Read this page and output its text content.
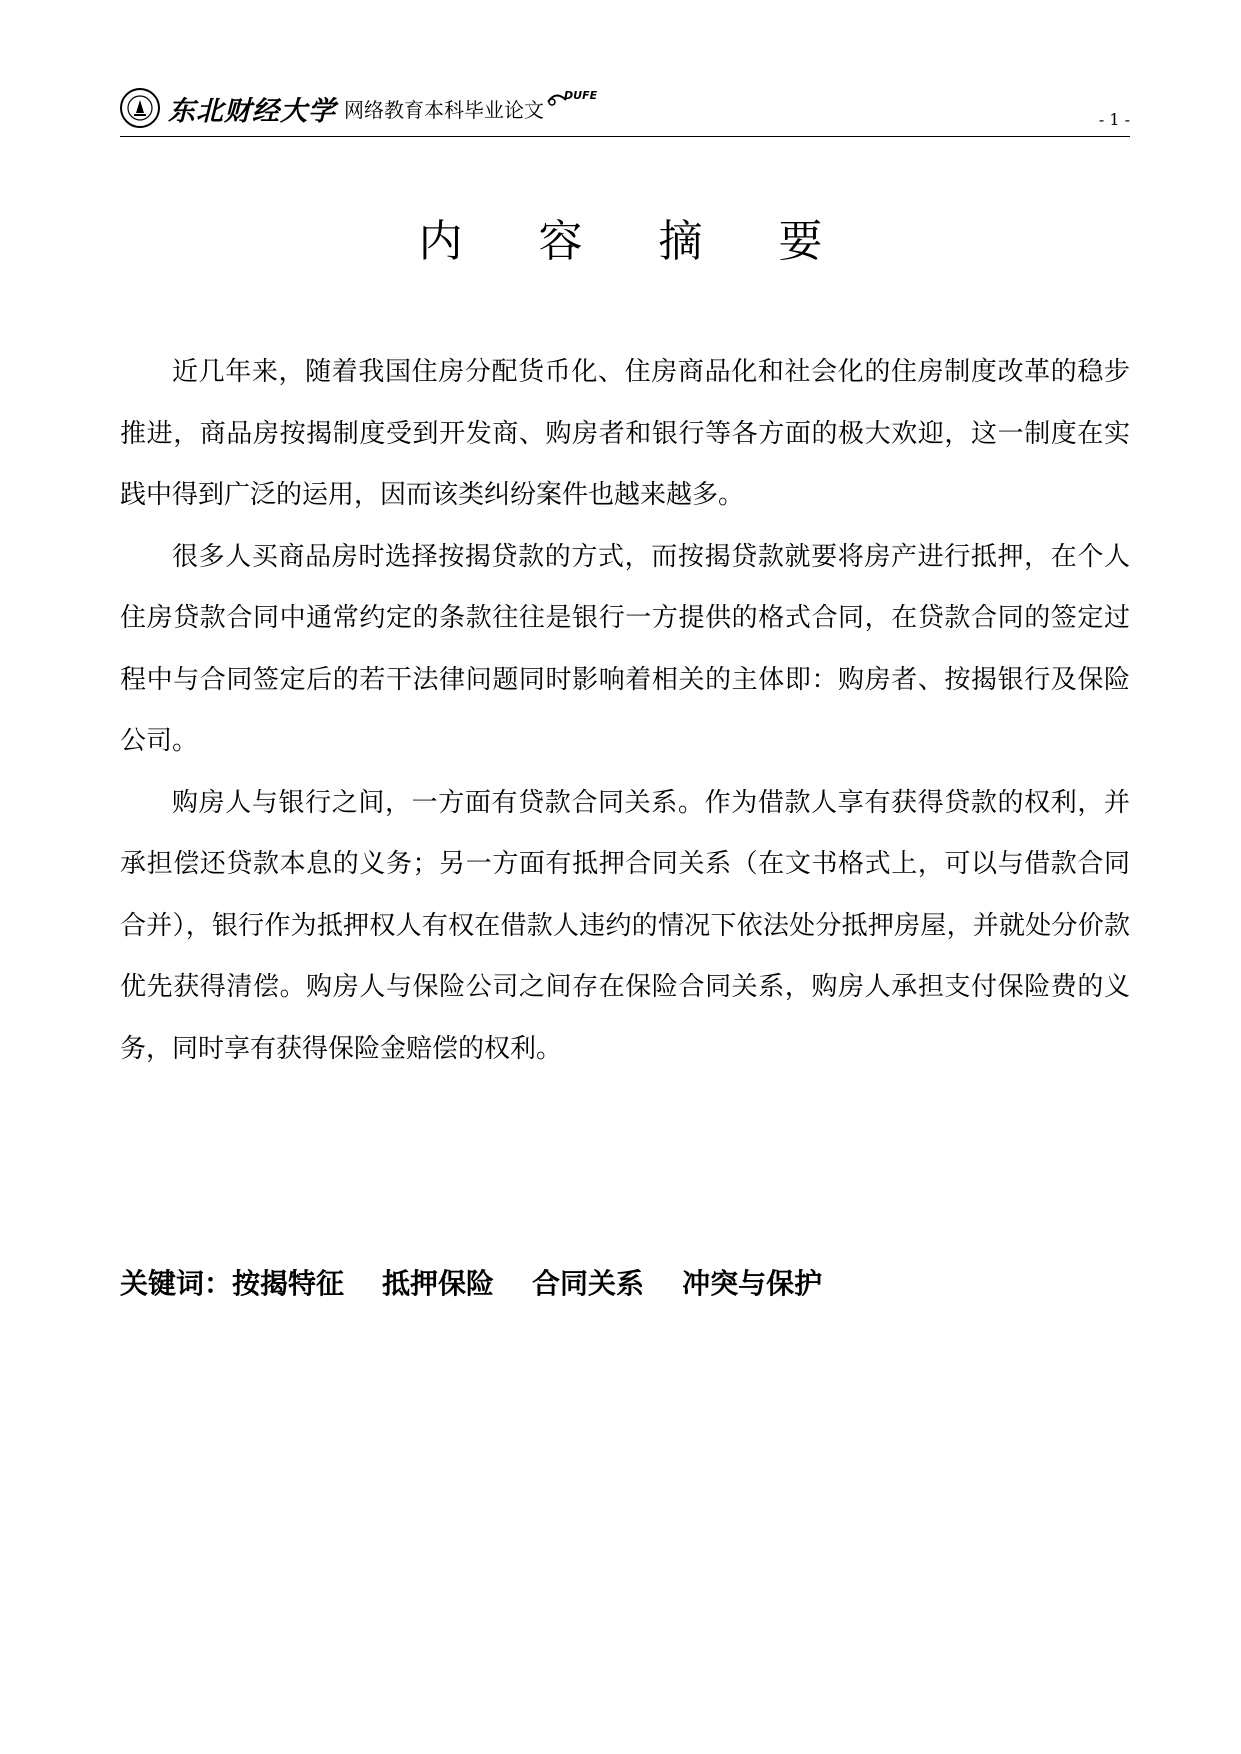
东北财经大学 网络教育本科毕业论文
DUFE
- 1 -
内 容 摘 要

近几年来，随着我国住房分配货币化、住房商品化和社会化的住房制度改革的稳步推进，商品房按揭制度受到开发商、购房者和银行等各方面的极大欢迎，这一制度在实践中得到广泛的运用，因而该类纠纷案件也越来越多。

很多人买商品房时选择按揭贷款的方式，而按揭贷款就要将房产进行抵押，在个人住房贷款合同中通常约定的条款往往是银行一方提供的格式合同，在贷款合同的签定过程中与合同签定后的若干法律问题同时影响着相关的主体即：购房者、按揭银行及保险公司。

购房人与银行之间，一方面有贷款合同关系。作为借款人享有获得贷款的权利，并承担偿还贷款本息的义务；另一方面有抵押合同关系（在文书格式上，可以与借款合同合并），银行作为抵押权人有权在借款人违约的情况下依法处分抵押房屋，并就处分价款优先获得清偿。购房人与保险公司之间存在保险合同关系，购房人承担支付保险费的义务，同时享有获得保险金赔偿的权利。

关键词：按揭特征 抵押保险 合同关系 冲突与保护
